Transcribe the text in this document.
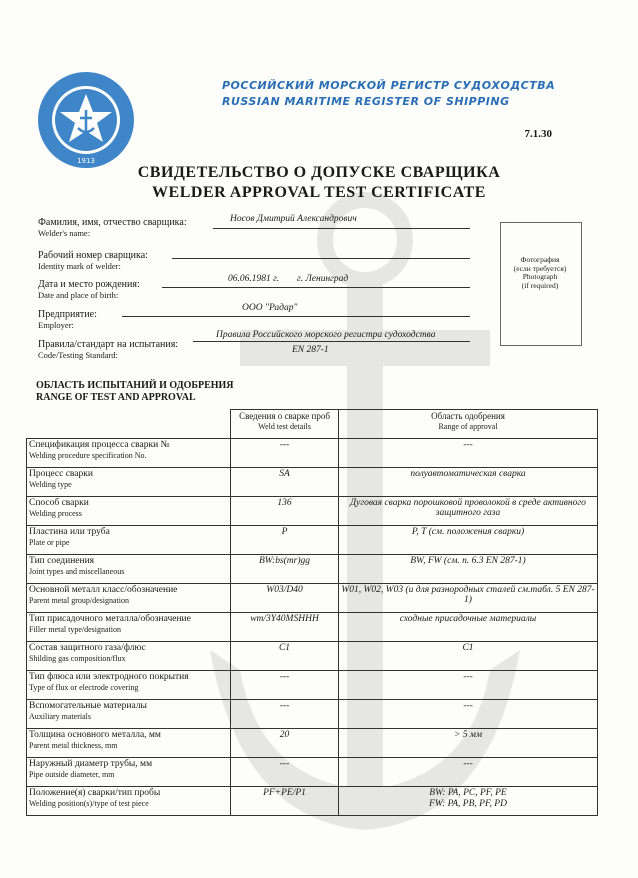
1913
РОССИЙСКИЙ МОРСКОЙ РЕГИСТР СУДОХОДСТВА
RUSSIAN MARITIME REGISTER OF SHIPPING
7.1.30
СВИДЕТЕЛЬСТВО О ДОПУСКЕ СВАРЩИКА
WELDER APPROVAL TEST CERTIFICATE
Фамилия, имя, отчество сварщика:
Welder's name:
Носов Дмитрий Александрович
Рабочий номер сварщика:
Identity mark of welder:
Дата и место рождения:
Date and place of birth:
06.06.1981 г. г. Ленинград
Предприятие:
Employer:
ООО "Радар"
Правила/стандарт на испытания:
Code/Testing Standard:
Правила Российского морского регистра судоходства
EN 287-1
Фотография
(если требуется)
Photograph
(if required)
ОБЛАСТЬ ИСПЫТАНИЙ И ОДОБРЕНИЯ
RANGE OF TEST AND APPROVAL

	Сведения о сварке проб
Weld test details	Область одобрения
Range of approval

Спецификация процесса сварки №
Welding procedure specification No.	---	---

Процесс сварки
Welding type	SA	полуавтоматическая сварка

Способ сварки
Welding process	136	Дуговая сварка порошковой проволокой в среде активного защитного газа

Пластина или труба
Plate or pipe	P	P, T (см. положения сварки)

Тип соединения
Joint types and miscellaneous	BW:bs(mr)gg	BW, FW (см. п. 6.3 EN 287-1)

Основной металл класс/обозначение
Parent metal group/designation	W03/D40	W01, W02, W03 (и для разнородных сталей см.табл. 5 EN 287-1)

Тип присадочного металла/обозначение
Filler metal type/designation	wm/3Y40MSHHH	сходные присадочные материалы

Состав защитного газа/флюс
Shilding gas composition/flux	C1	C1

Тип флюса или электродного покрытия
Type of flux or electrode covering	---	---

Вспомогательные материалы
Auxiliary materials	---	---

Толщина основного металла, мм
Parent metal thickness, mm	20	> 5 мм

Наружный диаметр трубы, мм
Pipe outside diameter, mm	---	---

Положение(я) сварки/тип пробы
Welding position(s)/type of test piece	PF+PE/P1	BW: PA, PC, PF, PE
FW: PA, PB, PF, PD
